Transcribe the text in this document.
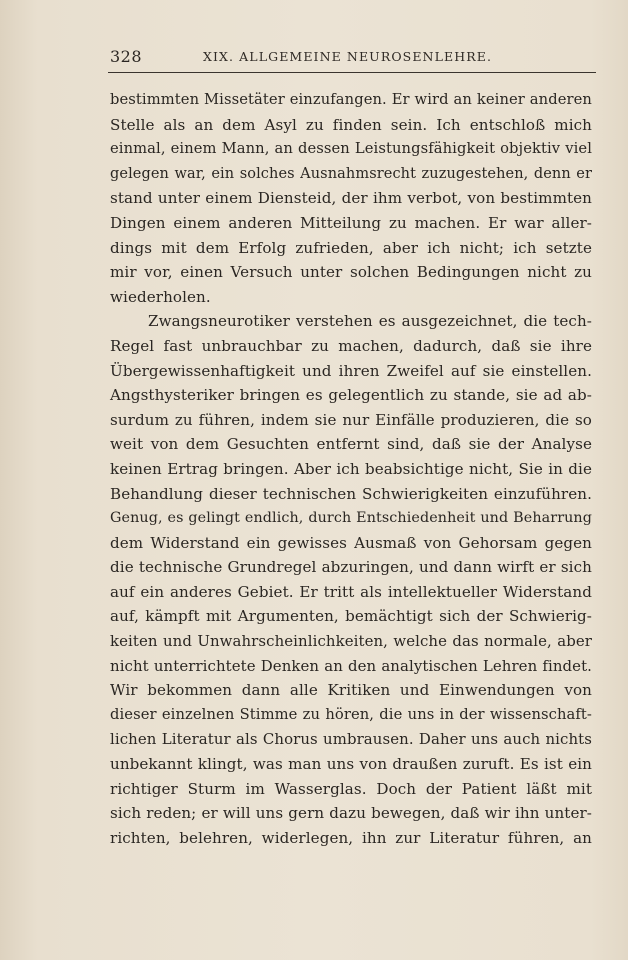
328	XIX. ALLGEMEINE NEUROSENLEHRE.
bestimmten Missetäter einzufangen. Er wird an keiner anderen
Stelle als an dem Asyl zu finden sein. Ich entschloß mich
einmal, einem Mann, an dessen Leistungsfähigkeit objektiv viel
gelegen war, ein solches Ausnahmsrecht zuzugestehen, denn er
stand unter einem Diensteid, der ihm verbot, von bestimmten
Dingen einem anderen Mitteilung zu machen. Er war aller-
dings mit dem Erfolg zufrieden, aber ich nicht; ich setzte
mir vor, einen Versuch unter solchen Bedingungen nicht zu
wiederholen.
Zwangsneurotiker verstehen es ausgezeichnet, die tech-
Regel fast unbrauchbar zu machen, dadurch, daß sie ihre
Übergewissenhaftigkeit und ihren Zweifel auf sie einstellen.
Angsthysteriker bringen es gelegentlich zu stande, sie ad ab-
surdum zu führen, indem sie nur Einfälle produzieren, die so
weit von dem Gesuchten entfernt sind, daß sie der Analyse
keinen Ertrag bringen. Aber ich beabsichtige nicht, Sie in die
Behandlung dieser technischen Schwierigkeiten einzuführen.
Genug, es gelingt endlich, durch Entschiedenheit und Beharrung
dem Widerstand ein gewisses Ausmaß von Gehorsam gegen
die technische Grundregel abzuringen, und dann wirft er sich
auf ein anderes Gebiet. Er tritt als intellektueller Widerstand
auf, kämpft mit Argumenten, bemächtigt sich der Schwierig-
keiten und Unwahrscheinlichkeiten, welche das normale, aber
nicht unterrichtete Denken an den analytischen Lehren findet.
Wir bekommen dann alle Kritiken und Einwendungen von
dieser einzelnen Stimme zu hören, die uns in der wissenschaft-
lichen Literatur als Chorus umbrausen. Daher uns auch nichts
unbekannt klingt, was man uns von draußen zuruft. Es ist ein
richtiger Sturm im Wasserglas. Doch der Patient läßt mit
sich reden; er will uns gern dazu bewegen, daß wir ihn unter-
richten, belehren, widerlegen, ihn zur Literatur führen, an
